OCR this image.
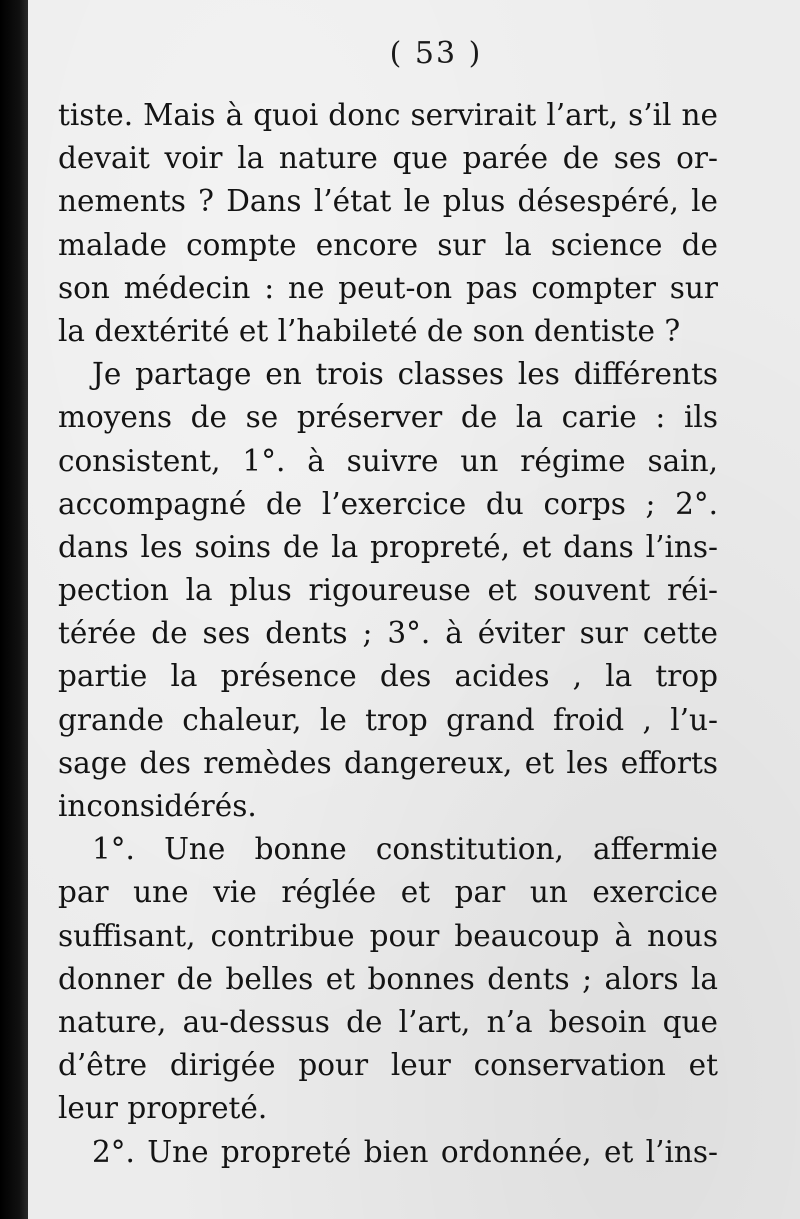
( 53 )
tiste. Mais à quoi donc servirait l’art, s’il ne
devait voir la nature que parée de ses or-
nements ? Dans l’état le plus désespéré, le
malade compte encore sur la science de
son médecin : ne peut-on pas compter sur
la dextérité et l’habileté de son dentiste ?
Je partage en trois classes les différents
moyens de se préserver de la carie : ils
consistent, 1°. à suivre un régime sain,
accompagné de l’exercice du corps ; 2°.
dans les soins de la propreté, et dans l’ins-
pection la plus rigoureuse et souvent réi-
térée de ses dents ; 3°. à éviter sur cette
partie la présence des acides , la trop
grande chaleur, le trop grand froid , l’u-
sage des remèdes dangereux, et les efforts
inconsidérés.
1°. Une bonne constitution, affermie
par une vie réglée et par un exercice
suffisant, contribue pour beaucoup à nous
donner de belles et bonnes dents ; alors la
nature, au-dessus de l’art, n’a besoin que
d’être dirigée pour leur conservation et
leur propreté.
2°. Une propreté bien ordonnée, et l’ins-
